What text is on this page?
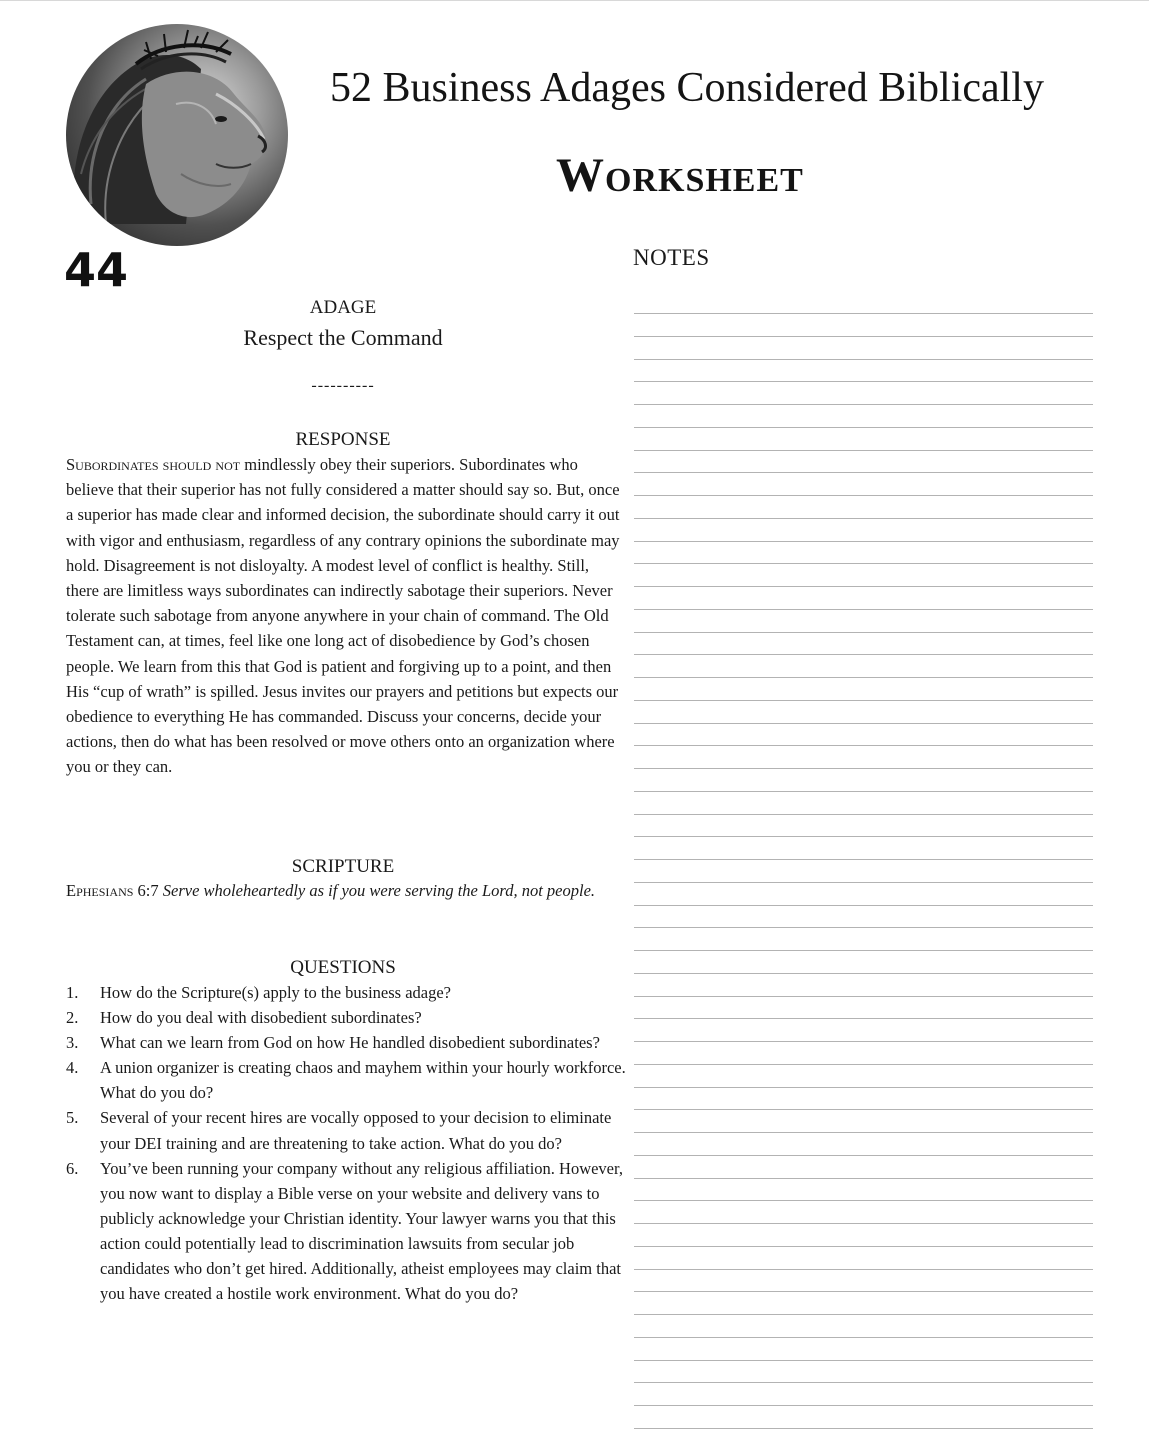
52 Business Adages Considered Biblically
Worksheet
44	NOTES
ADAGE
Respect the Command
----------
RESPONSE
Subordinates should not mindlessly obey their superiors. Subordinates who believe that their superior has not fully considered a matter should say so. But, once a superior has made clear and informed decision, the subordinate should carry it out with vigor and enthusiasm, regardless of any contrary opinions the subordinate may hold. Disagreement is not disloyalty. A modest level of conflict is healthy. Still, there are limitless ways subordinates can indirectly sabotage their superiors. Never tolerate such sabotage from anyone anywhere in your chain of command. The Old Testament can, at times, feel like one long act of disobedience by God’s chosen people. We learn from this that God is patient and forgiving up to a point, and then His “cup of wrath” is spilled. Jesus invites our prayers and petitions but expects our obedience to everything He has commanded. Discuss your concerns, decide your actions, then do what has been resolved or move others onto an organization where you or they can.
SCRIPTURE
Ephesians 6:7 Serve wholeheartedly as if you were serving the Lord, not people.
QUESTIONS
1.	How do the Scripture(s) apply to the business adage?
2.	How do you deal with disobedient subordinates?
3.	What can we learn from God on how He handled disobedient subordinates?
4.	A union organizer is creating chaos and mayhem within your hourly workforce. What do you do?
5.	Several of your recent hires are vocally opposed to your decision to eliminate your DEI training and are threatening to take action. What do you do?
6.	You’ve been running your company without any religious affiliation. However, you now want to display a Bible verse on your website and delivery vans to publicly acknowledge your Christian identity. Your lawyer warns you that this action could potentially lead to discrimination lawsuits from secular job candidates who don’t get hired. Additionally, atheist employees may claim that you have created a hostile work environment. What do you do?
